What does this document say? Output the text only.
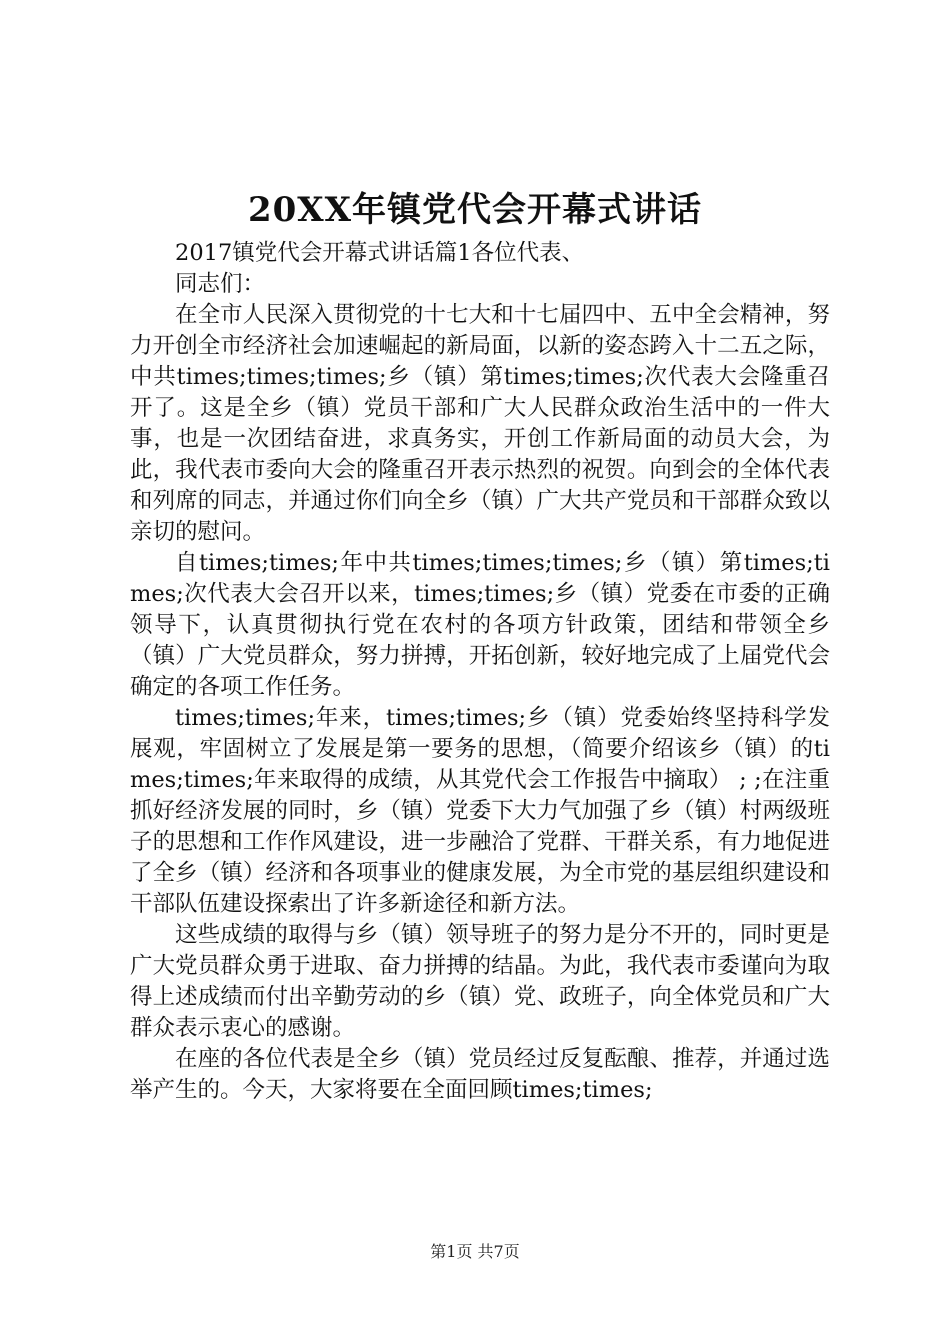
20XX年镇党代会开幕式讲话

2017镇党代会开幕式讲话篇1各位代表、

同志们：

在全市人民深入贯彻党的十七大和十七届四中、五中全会精神，努力开创全市经济社会加速崛起的新局面，以新的姿态跨入十二五之际，中共times;times;times;乡（镇）第times;times;次代表大会隆重召开了。这是全乡（镇）党员干部和广大人民群众政治生活中的一件大事，也是一次团结奋进，求真务实，开创工作新局面的动员大会，为此，我代表市委向大会的隆重召开表示热烈的祝贺。向到会的全体代表和列席的同志，并通过你们向全乡（镇）广大共产党员和干部群众致以亲切的慰问。

自times;times;年中共times;times;times;乡（镇）第times;times;次代表大会召开以来，times;times;乡（镇）党委在市委的正确领导下，认真贯彻执行党在农村的各项方针政策，团结和带领全乡（镇）广大党员群众，努力拼搏，开拓创新，较好地完成了上届党代会确定的各项工作任务。

times;times;年来，times;times;乡（镇）党委始终坚持科学发展观，牢固树立了发展是第一要务的思想，（简要介绍该乡（镇）的times;times;年来取得的成绩，从其党代会工作报告中摘取） ; ;在注重抓好经济发展的同时，乡（镇）党委下大力气加强了乡（镇）村两级班子的思想和工作作风建设，进一步融洽了党群、干群关系，有力地促进了全乡（镇）经济和各项事业的健康发展，为全市党的基层组织建设和干部队伍建设探索出了许多新途径和新方法。

这些成绩的取得与乡（镇）领导班子的努力是分不开的，同时更是广大党员群众勇于进取、奋力拼搏的结晶。为此，我代表市委谨向为取得上述成绩而付出辛勤劳动的乡（镇）党、政班子，向全体党员和广大群众表示衷心的感谢。

在座的各位代表是全乡（镇）党员经过反复酝酿、推荐，并通过选举产生的。今天，大家将要在全面回顾times;times;

第1页 共7页
